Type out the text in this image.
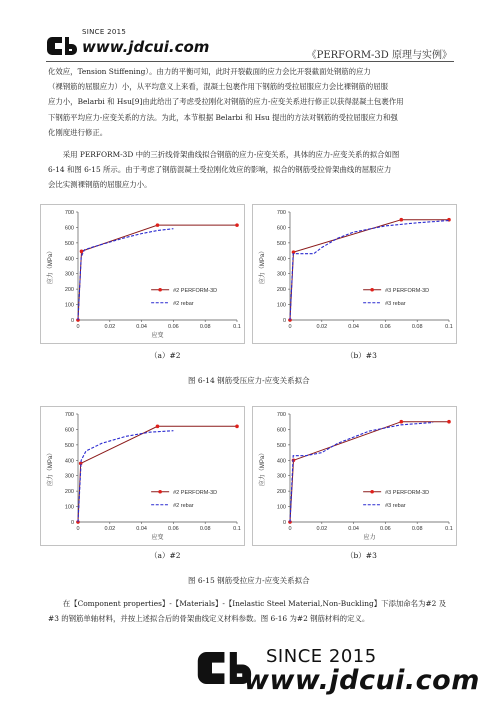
SINCE 2015
www.jdcui.com	《PERFORM-3D 原理与实例》
化效应，Tension Stiffening）。由力的平衡可知，此时开裂截面的应力会比开裂截面处钢筋的应力
（裸钢筋的屈服应力）小，从平均意义上来看，混凝土包裹作用下钢筋的受拉屈服应力会比裸钢筋的屈服
应力小，Belarbi 和 Hsu[9]由此给出了考虑受拉刚化对钢筋的应力-应变关系进行修正以获得混凝土包裹作用
下钢筋平均应力-应变关系的方法。为此，本节根据 Belarbi 和 Hsu 提出的方法对钢筋的受拉屈服应力和强
化刚度进行修正。
　　采用 PERFORM-3D 中的三折线骨架曲线拟合钢筋的应力-应变关系，具体的应力-应变关系的拟合如图
6-14 和图 6-15 所示。由于考虑了钢筋混凝土受拉刚化效应的影响，拟合的钢筋受拉骨架曲线的屈服应力
会比实测裸钢筋的屈服应力小。
0
100
200
300
400
500
600
700
0	0.02	0.04	0.06	0.08	0.1
应力（MPa）
应变
#2 PERFORM-3D
#2 rebar
0
100
200
300
400
500
600
700
0	0.02	0.04	0.06	0.08	0.1
应力（MPa）
#3 PERFORM-3D
#3 rebar
（a）#2	（b）#3
图 6-14 钢筋受压应力-应变关系拟合
0
100
200
300
400
500
600
700
0	0.02	0.04	0.06	0.08	0.1
应力（MPa）
应变
#2 PERFORM-3D
#2 rebar
0
100
200
300
400
500
600
700
0	0.02	0.04	0.06	0.08	0.1
应力（MPa）
应力
#3 PERFORM-3D
#3 rebar
（a）#2	（b）#3
图 6-15 钢筋受拉应力-应变关系拟合
　　在【Component properties】-【Materials】-【Inelastic Steel Material,Non-Buckling】下添加命名为#2 及
#3 的钢筋单轴材料，并按上述拟合后的骨架曲线定义材料参数。图 6-16 为#2 钢筋材料的定义。
SINCE 2015
www.jdcui.com
